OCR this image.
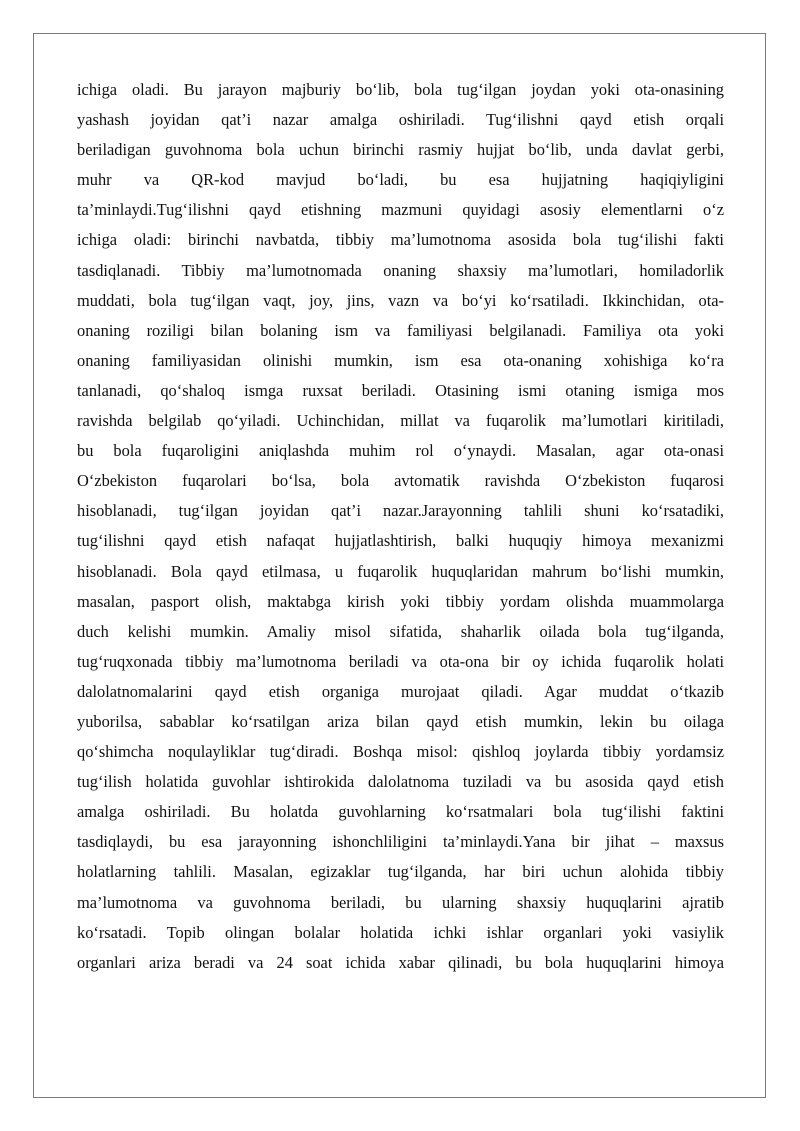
ichiga oladi. Bu jarayon majburiy bo‘lib, bola tug‘ilgan joydan yoki ota-onasining
yashash joyidan qat’i nazar amalga oshiriladi. Tug‘ilishni qayd etish orqali
beriladigan guvohnoma bola uchun birinchi rasmiy hujjat bo‘lib, unda davlat gerbi,
muhr va QR-kod mavjud bo‘ladi, bu esa hujjatning haqiqiyligini
ta’minlaydi.Tug‘ilishni qayd etishning mazmuni quyidagi asosiy elementlarni o‘z
ichiga oladi: birinchi navbatda, tibbiy ma’lumotnoma asosida bola tug‘ilishi fakti
tasdiqlanadi. Tibbiy ma’lumotnomada onaning shaxsiy ma’lumotlari, homiladorlik
muddati, bola tug‘ilgan vaqt, joy, jins, vazn va bo‘yi ko‘rsatiladi. Ikkinchidan, ota-
onaning roziligi bilan bolaning ism va familiyasi belgilanadi. Familiya ota yoki
onaning familiyasidan olinishi mumkin, ism esa ota-onaning xohishiga ko‘ra
tanlanadi, qo‘shaloq ismga ruxsat beriladi. Otasining ismi otaning ismiga mos
ravishda belgilab qo‘yiladi. Uchinchidan, millat va fuqarolik ma’lumotlari kiritiladi,
bu bola fuqaroligini aniqlashda muhim rol o‘ynaydi. Masalan, agar ota-onasi
O‘zbekiston fuqarolari bo‘lsa, bola avtomatik ravishda O‘zbekiston fuqarosi
hisoblanadi, tug‘ilgan joyidan qat’i nazar.Jarayonning tahlili shuni ko‘rsatadiki,
tug‘ilishni qayd etish nafaqat hujjatlashtirish, balki huquqiy himoya mexanizmi
hisoblanadi. Bola qayd etilmasa, u fuqarolik huquqlaridan mahrum bo‘lishi mumkin,
masalan, pasport olish, maktabga kirish yoki tibbiy yordam olishda muammolarga
duch kelishi mumkin. Amaliy misol sifatida, shaharlik oilada bola tug‘ilganda,
tug‘ruqxonada tibbiy ma’lumotnoma beriladi va ota-ona bir oy ichida fuqarolik holati
dalolatnomalarini qayd etish organiga murojaat qiladi. Agar muddat o‘tkazib
yuborilsa, sabablar ko‘rsatilgan ariza bilan qayd etish mumkin, lekin bu oilaga
qo‘shimcha noqulayliklar tug‘diradi. Boshqa misol: qishloq joylarda tibbiy yordamsiz
tug‘ilish holatida guvohlar ishtirokida dalolatnoma tuziladi va bu asosida qayd etish
amalga oshiriladi. Bu holatda guvohlarning ko‘rsatmalari bola tug‘ilishi faktini
tasdiqlaydi, bu esa jarayonning ishonchliligini ta’minlaydi.Yana bir jihat – maxsus
holatlarning tahlili. Masalan, egizaklar tug‘ilganda, har biri uchun alohida tibbiy
ma’lumotnoma va guvohnoma beriladi, bu ularning shaxsiy huquqlarini ajratib
ko‘rsatadi. Topib olingan bolalar holatida ichki ishlar organlari yoki vasiylik
organlari ariza beradi va 24 soat ichida xabar qilinadi, bu bola huquqlarini himoya
